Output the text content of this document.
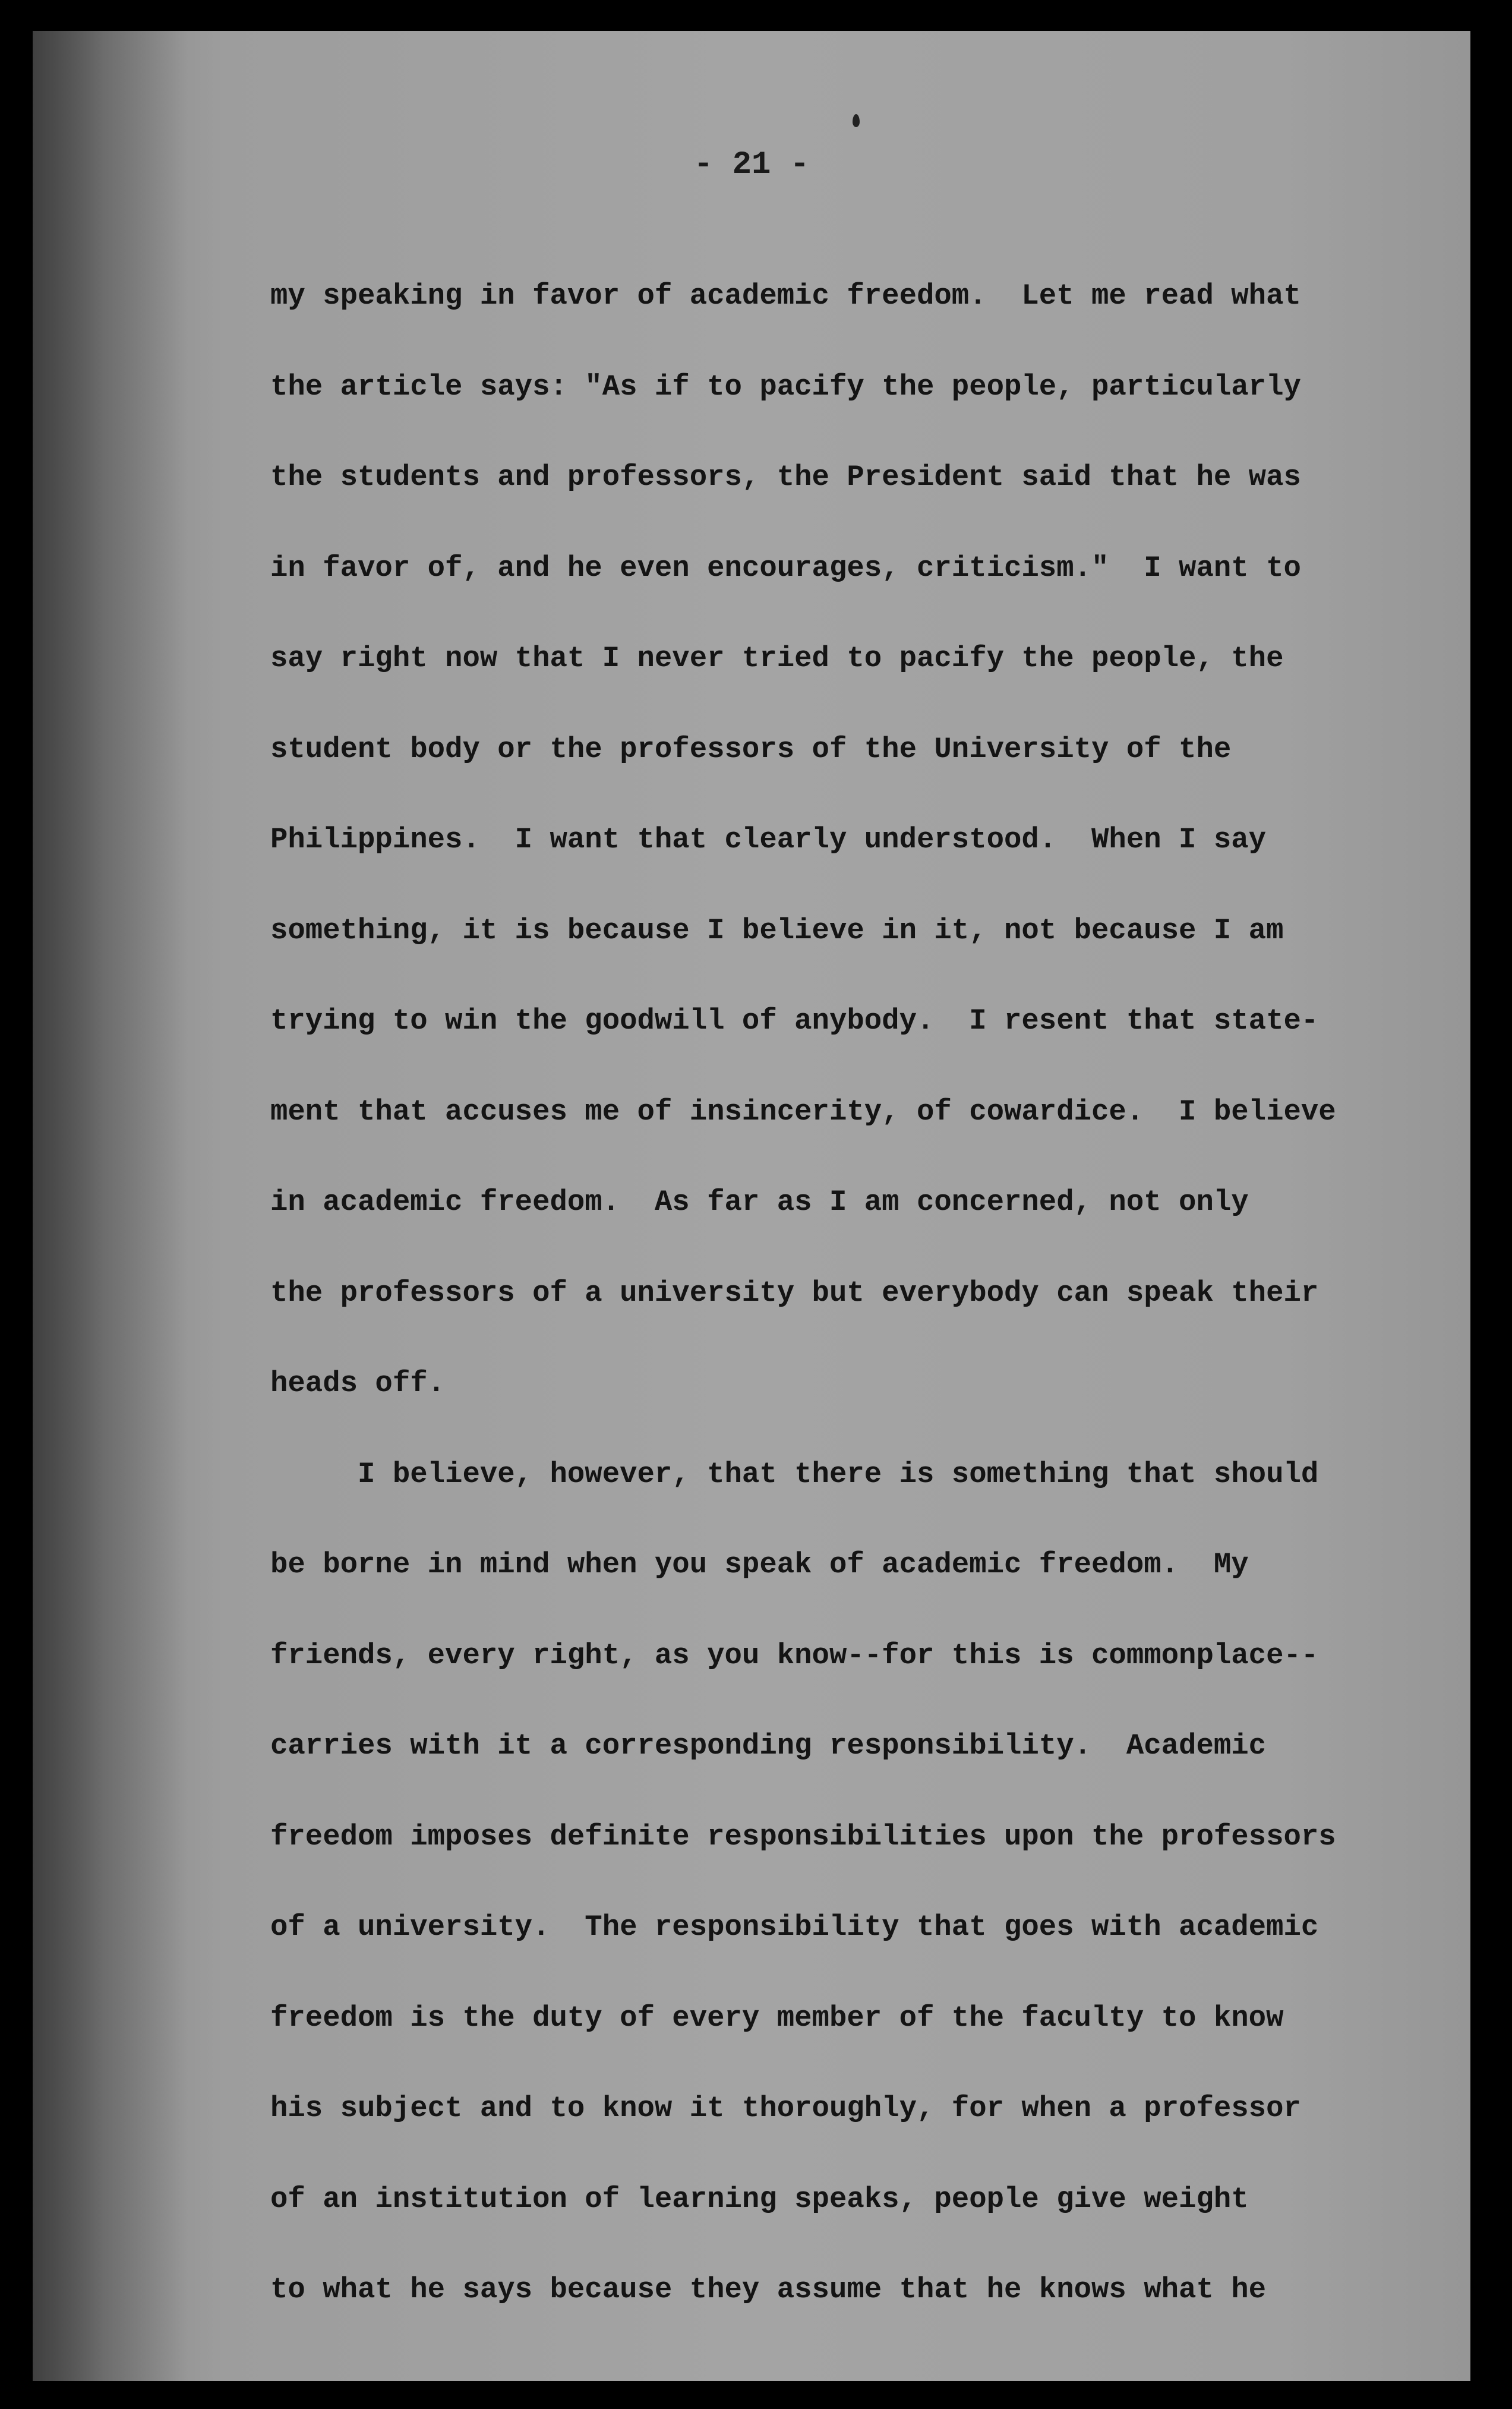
- 21 -
my speaking in favor of academic freedom.  Let me read what
the article says: "As if to pacify the people, particularly
the students and professors, the President said that he was
in favor of, and he even encourages, criticism."  I want to
say right now that I never tried to pacify the people, the
student body or the professors of the University of the
Philippines.  I want that clearly understood.  When I say
something, it is because I believe in it, not because I am
trying to win the goodwill of anybody.  I resent that state-
ment that accuses me of insincerity, of cowardice.  I believe
in academic freedom.  As far as I am concerned, not only
the professors of a university but everybody can speak their
heads off.
I believe, however, that there is something that should
be borne in mind when you speak of academic freedom.  My
friends, every right, as you know--for this is commonplace--
carries with it a corresponding responsibility.  Academic
freedom imposes definite responsibilities upon the professors
of a university.  The responsibility that goes with academic
freedom is the duty of every member of the faculty to know
his subject and to know it thoroughly, for when a professor
of an institution of learning speaks, people give weight
to what he says because they assume that he knows what he
